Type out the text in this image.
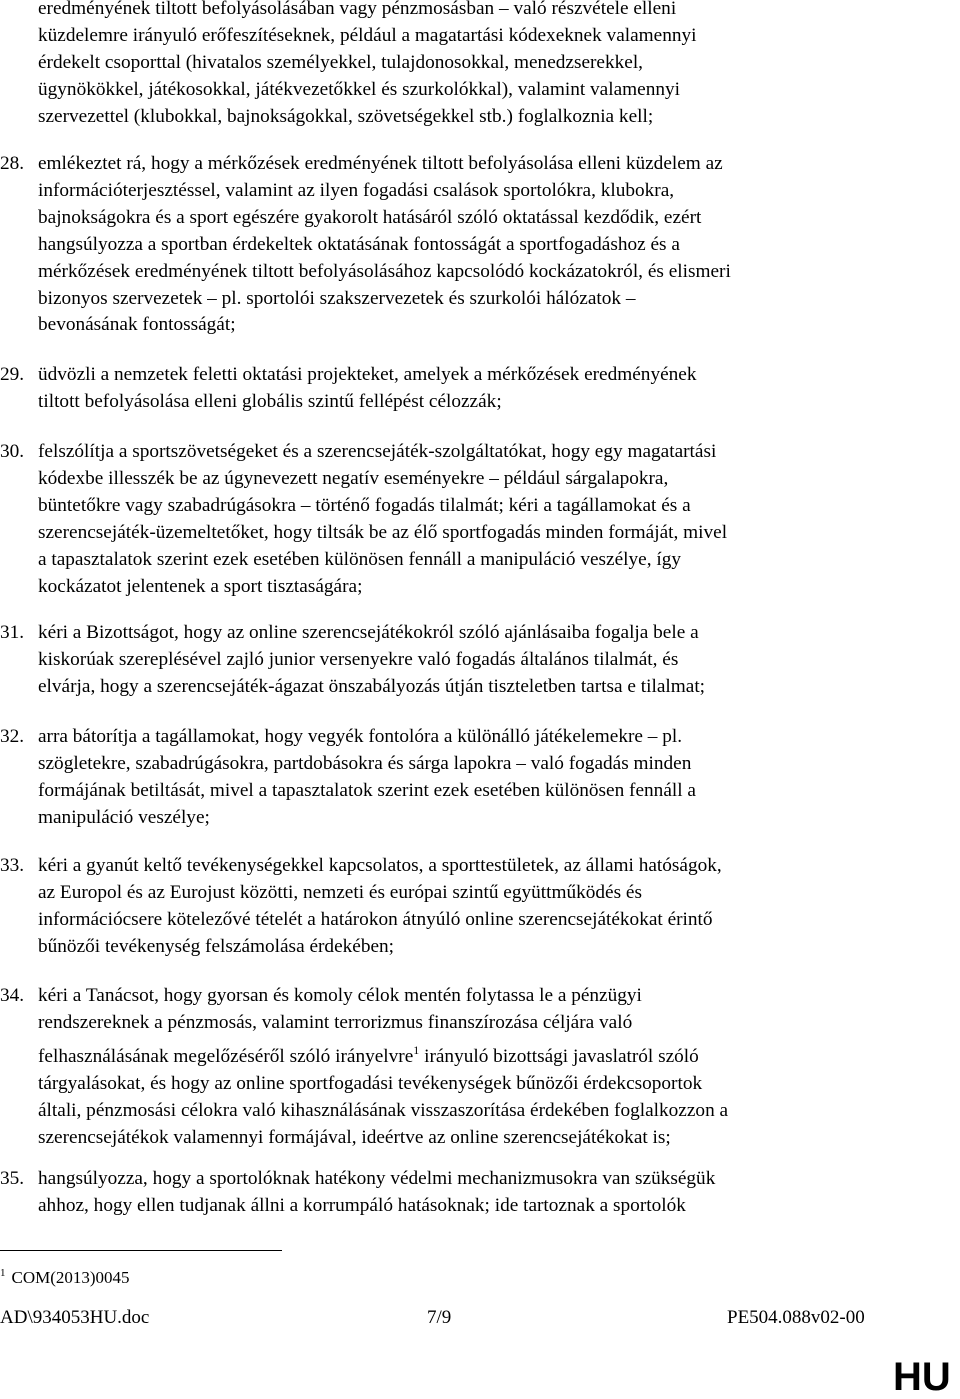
eredményének tiltott befolyásolásában vagy pénzmosásban – való részvétele elleni
küzdelemre irányuló erőfeszítéseknek, például a magatartási kódexeknek valamennyi
érdekelt csoporttal (hivatalos személyekkel, tulajdonosokkal, menedzserekkel,
ügynökökkel, játékosokkal, játékvezetőkkel és szurkolókkal), valamint valamennyi
szervezettel (klubokkal, bajnokságokkal, szövetségekkel stb.) foglalkoznia kell;
28. emlékeztet rá, hogy a mérkőzések eredményének tiltott befolyásolása elleni küzdelem az
információterjesztéssel, valamint az ilyen fogadási csalások sportolókra, klubokra,
bajnokságokra és a sport egészére gyakorolt hatásáról szóló oktatással kezdődik, ezért
hangsúlyozza a sportban érdekeltek oktatásának fontosságát a sportfogadáshoz és a
mérkőzések eredményének tiltott befolyásolásához kapcsolódó kockázatokról, és elismeri
bizonyos szervezetek – pl. sportolói szakszervezetek és szurkolói hálózatok –
bevonásának fontosságát;
29. üdvözli a nemzetek feletti oktatási projekteket, amelyek a mérkőzések eredményének
tiltott befolyásolása elleni globális szintű fellépést célozzák;
30. felszólítja a sportszövetségeket és a szerencsejáték-szolgáltatókat, hogy egy magatartási
kódexbe illesszék be az úgynevezett negatív eseményekre – például sárgalapokra,
büntetőkre vagy szabadrúgásokra – történő fogadás tilalmát; kéri a tagállamokat és a
szerencsejáték-üzemeltetőket, hogy tiltsák be az élő sportfogadás minden formáját, mivel
a tapasztalatok szerint ezek esetében különösen fennáll a manipuláció veszélye, így
kockázatot jelentenek a sport tisztaságára;
31. kéri a Bizottságot, hogy az online szerencsejátékokról szóló ajánlásaiba fogalja bele a
kiskorúak szereplésével zajló junior versenyekre való fogadás általános tilalmát, és
elvárja, hogy a szerencsejáték-ágazat önszabályozás útján tiszteletben tartsa e tilalmat;
32. arra bátorítja a tagállamokat, hogy vegyék fontolóra a különálló játékelemekre – pl.
szögletekre, szabadrúgásokra, partdobásokra és sárga lapokra – való fogadás minden
formájának betiltását, mivel a tapasztalatok szerint ezek esetében különösen fennáll a
manipuláció veszélye;
33. kéri a gyanút keltő tevékenységekkel kapcsolatos, a sporttestületek, az állami hatóságok,
az Europol és az Eurojust közötti, nemzeti és európai szintű együttműködés és
információcsere kötelezővé tételét a határokon átnyúló online szerencsejátékokat érintő
bűnözői tevékenység felszámolása érdekében;
34. kéri a Tanácsot, hogy gyorsan és komoly célok mentén folytassa le a pénzügyi
rendszereknek a pénzmosás, valamint terrorizmus finanszírozása céljára való
felhasználásának megelőzéséről szóló irányelvre$^1$ irányuló bizottsági javaslatról szóló
tárgyalásokat, és hogy az online sportfogadási tevékenységek bűnözői érdekcsoportok
általi, pénzmosási célokra való kihasználásának visszaszorítása érdekében foglalkozzon a
szerencsejátékok valamennyi formájával, ideértve az online szerencsejátékokat is;
35. hangsúlyozza, hogy a sportolóknak hatékony védelmi mechanizmusokra van szükségük
ahhoz, hogy ellen tudjanak állni a korrumpáló hatásoknak; ide tartoznak a sportolók
$^1$ COM(2013)0045
AD\934053HU.doc	7/9	PE504.088v02-00
HU
